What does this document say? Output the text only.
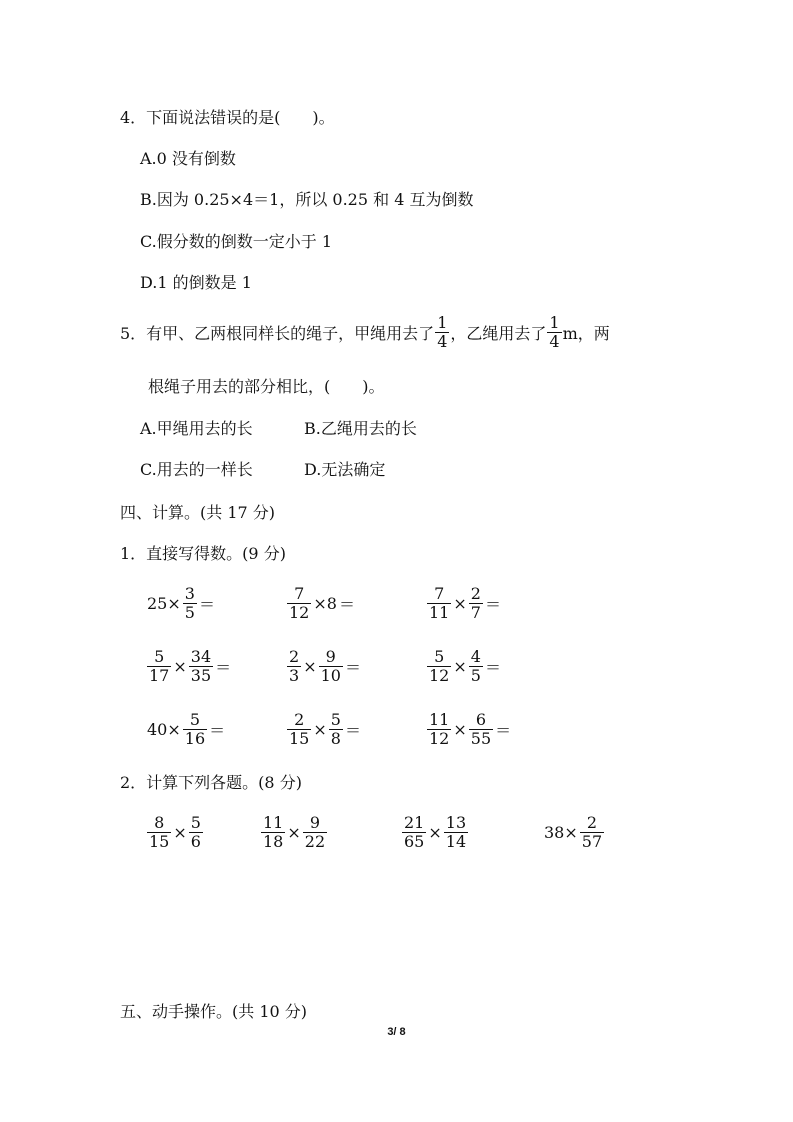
4．下面说法错误的是(　　)。
A.0 没有倒数
B.因为 0.25×4＝1，所以 0.25 和 4 互为倒数
C.假分数的倒数一定小于 1
D.1 的倒数是 1
5．有甲、乙两根同样长的绳子，甲绳用去了 $\frac{1}{4}$ ，乙绳用去了 $\frac{1}{4}$ m，两
根绳子用去的部分相比，(　　)。
A.甲绳用去的长	B.乙绳用去的长
C.用去的一样长	D.无法确定
四、计算。(共 17 分)
1．直接写得数。(9 分)
2．计算下列各题。(8 分)
五、动手操作。(共 10 分)
3/ 8
$25\times \frac{3}{5}$ ＝	$\frac{7}{12} \times 8$ ＝	$\frac{7}{11} \times \frac{2}{7}$ ＝
$\frac{5}{17} \times \frac{34}{35}$ ＝	$\frac{2}{3} \times \frac{9}{10}$ ＝	$\frac{5}{12} \times \frac{4}{5}$ ＝
$40\times \frac{5}{16}$ ＝	$\frac{2}{15} \times \frac{5}{8}$ ＝	$\frac{11}{12} \times \frac{6}{55}$ ＝
$\frac{8}{15} \times \frac{5}{6}$	$\frac{11}{18} \times \frac{9}{22}$	$\frac{21}{65} \times \frac{13}{14}$	$38\times \frac{2}{57}$
